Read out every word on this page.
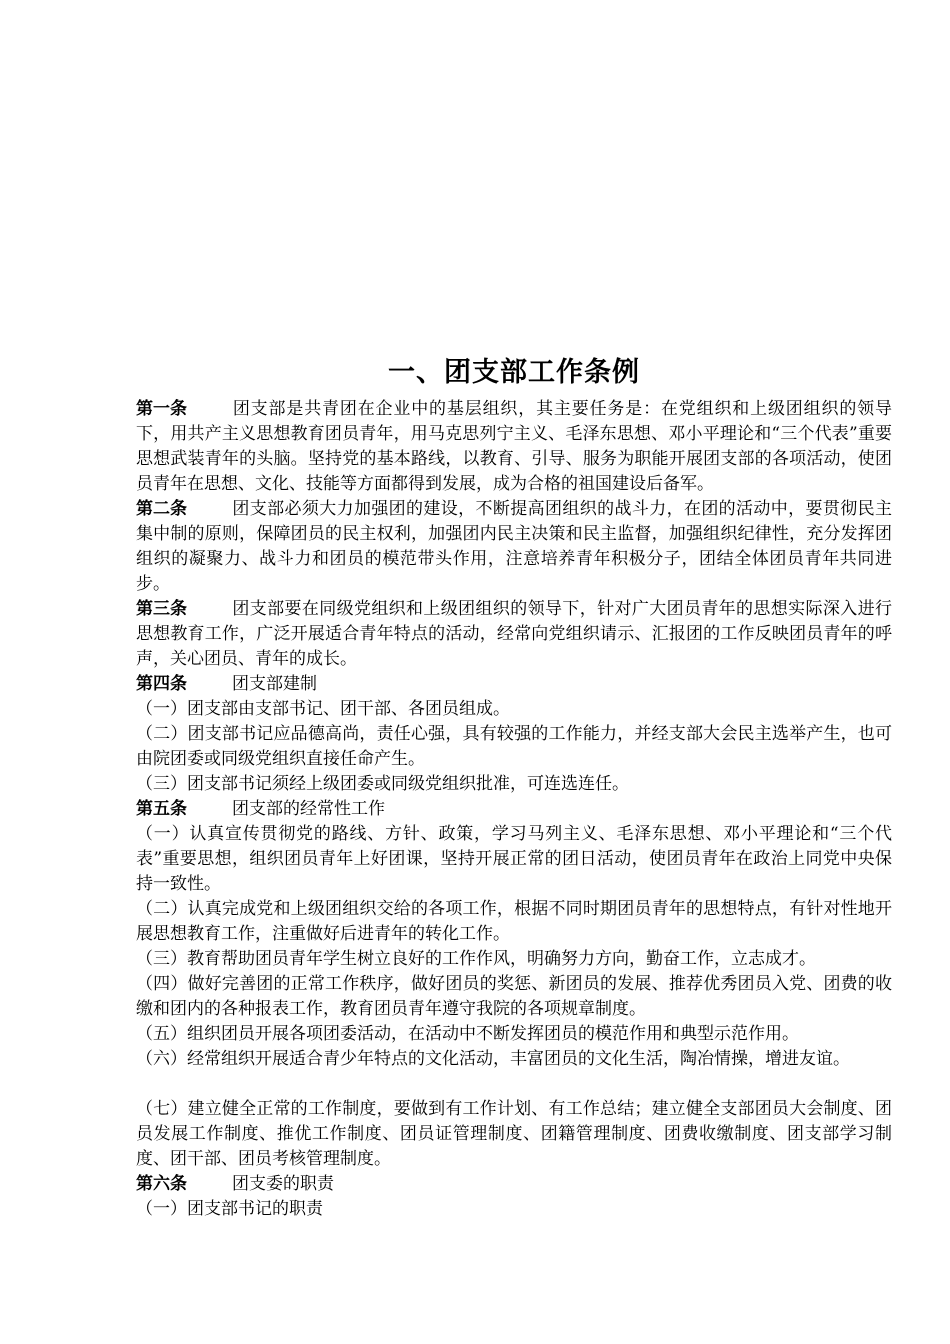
一、团支部工作条例

第一条	团支部是共青团在企业中的基层组织，其主要任务是：在党组织和上级团组织的领导下，用共产主义思想教育团员青年，用马克思列宁主义、毛泽东思想、邓小平理论和“三个代表”重要思想武装青年的头脑。坚持党的基本路线，以教育、引导、服务为职能开展团支部的各项活动，使团员青年在思想、文化、技能等方面都得到发展，成为合格的祖国建设后备军。

第二条	团支部必须大力加强团的建设，不断提高团组织的战斗力，在团的活动中，要贯彻民主集中制的原则，保障团员的民主权利，加强团内民主决策和民主监督，加强组织纪律性，充分发挥团组织的凝聚力、战斗力和团员的模范带头作用，注意培养青年积极分子，团结全体团员青年共同进步。

第三条	团支部要在同级党组织和上级团组织的领导下，针对广大团员青年的思想实际深入进行思想教育工作，广泛开展适合青年特点的活动，经常向党组织请示、汇报团的工作反映团员青年的呼声，关心团员、青年的成长。

第四条	团支部建制

（一）团支部由支部书记、团干部、各团员组成。

（二）团支部书记应品德高尚，责任心强，具有较强的工作能力，并经支部大会民主选举产生，也可由院团委或同级党组织直接任命产生。

（三）团支部书记须经上级团委或同级党组织批准，可连选连任。

第五条	团支部的经常性工作

（一）认真宣传贯彻党的路线、方针、政策，学习马列主义、毛泽东思想、邓小平理论和“三个代表”重要思想，组织团员青年上好团课，坚持开展正常的团日活动，使团员青年在政治上同党中央保持一致性。

（二）认真完成党和上级团组织交给的各项工作，根据不同时期团员青年的思想特点，有针对性地开展思想教育工作，注重做好后进青年的转化工作。

（三）教育帮助团员青年学生树立良好的工作作风，明确努力方向，勤奋工作，立志成才。

（四）做好完善团的正常工作秩序，做好团员的奖惩、新团员的发展、推荐优秀团员入党、团费的收缴和团内的各种报表工作，教育团员青年遵守我院的各项规章制度。

（五）组织团员开展各项团委活动，在活动中不断发挥团员的模范作用和典型示范作用。

（六）经常组织开展适合青少年特点的文化活动，丰富团员的文化生活，陶冶情操，增进友谊。

（七）建立健全正常的工作制度，要做到有工作计划、有工作总结；建立健全支部团员大会制度、团员发展工作制度、推优工作制度、团员证管理制度、团籍管理制度、团费收缴制度、团支部学习制度、团干部、团员考核管理制度。

第六条	团支委的职责

（一）团支部书记的职责
